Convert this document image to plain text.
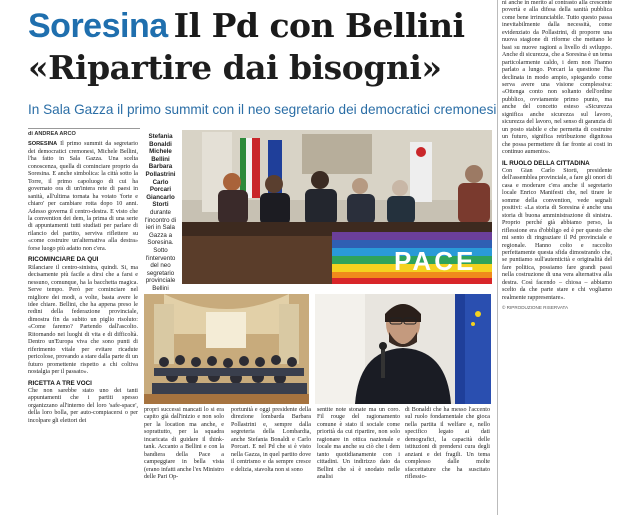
Soresina Il Pd con Bellini
«Ripartire dai bisogni»
In Sala Gazza il primo summit con il neo segretario dei democratici cremonesi
di ANDREA ARCO

SORESINA Il primo summit da segretario dei democratici cremonesi, Michele Bellini, l'ha fatto in Sala Gazza. Una scelta conoscenza, quella di cominciare proprio da Soresina. E anche simbolica: la città sotto la Torre, il primo capoluogo di cui ha governato ora di un'intera rete di paesi in sanità, all'ultima tornata ha votato 'forte e chiaro' per cambiare rotta dopo 10 anni. Adesso governa il centro-destra. E visto che la convention dei dem, la prima di una serie di appuntamenti tutti studiati per parlare di rilancio del partito, serviva riflettere su «come costruire un'alternativa alla destra» forse luogo più adatto non c'era.

RICOMINCIARE DA QUI

Rilanciare il centro-sinistra, quindi. Si, ma decisamente più facile a dirsi che a farsi e nessuno, comunque, ha la bacchetta magica. Serve tempo. Però per cominciare nel migliore dei modi, a volte, basta avere le idee chiare. Bellini, che ha appena preso le redini della federazione provinciale, dimostra fin da subito un piglio risoluto: «Come faremo? Partendo dall'ascolto. Ritornando nei luoghi di vita e di difficoltà. Dentro un'Europa viva che sono punti di riferimento vitale per evitare ricadute pericolose, provando a stare dalla parte di un futuro promettente rispetto a chi coltiva nostalgia per il passato».

RICETTA A TRE VOCI

Che non sarebbe stato uno dei tanti appuntamenti che i partiti spesso organizzano all'interno del loro 'safe-space', della loro bolla, per auto-compiacersi o per incolpare gli elettori dei

Stefania Bonaldi Michele Bellini Barbara Pollastrini Carlo Porcari Giancarlo Storti durante l'incontro di ieri in Sala Gazza a Soresina. Sotto l'intervento del neo segretario provinciale Bellini
PACE

propri successi mancati lo si era capito già dall'inizio e non solo per la location ma anche, e soprattutto, per la squadra incaricata di guidare il think-tank. Accanto a Bellini e con la bandiera della Pace a campeggiare in bella vista (erano infatti anche l'ex Ministro delle Pari Op-

portunità e oggi presidente della direzione lombarda Barbara Pollastrini e, sempre dalla segreteria della Lombardia, anche Stefania Bonaldi e Carlo Porcari. E nel Pd che si è visto nella Gazza, in quel partito dove il centrismo e da sempre cresce e delizia, stavolta non si sono

sentite note stonate ma un coro. Fil rouge del ragionamento comune è stato il sociale come priorità da cui ripartire, non solo ragionare in ottica nazionale e locale ma anche su ciò che i dem tanto quotidianamente con i cittadini. Un indirizzo dato da Bellini che sì è snodato nelle analisi

di Bonaldi che ha messo l'accento sul ruolo fondamentale che gioca nella partita il welfare e, nello specifico legato ai dati demografici, la capacità delle istituzioni di prendersi cura degli anziani e dei fragili. Un tema complesso dalle molte sfaccettature che ha suscitato riflessio-

ni anche in merito al contrasto alla crescente povertà e alla difesa della sanità pubblica come bene irrinunciabile. Tutto questo passa inevitabilmente dalla necessità, come evidenziato da Pollastrini, di proporre una nuova stagione di riforme che mettano le basi su nuove ragioni a livello di sviluppo. Anche di sicurezza, che a Soresina è un tema particolarmente caldo, i dem non l'hanno parlato a lungo. Porcari la questione l'ha declinata in modo ampio, spiegando come serva avere una visione complessiva: «Ottenga conto non soltanto dell'ordine pubblico, ovviamente primo punto, ma anche del concetto esteso «Sicurezza significa anche sicurezza sul lavoro, sicurezza del lavoro, nel senso di garanzia di un posto stabile e che permetta di costruire un futuro, significa retribuzione dignitosa che possa permettere di far fronte ai costi in continuo aumento».

IL RUOLO DELLA CITTADINA

Con Gian Carlo Storti, presidente dell'assemblea provinciale, a fare gli onori di casa e moderare c'era anche il segretario locale Enrico Manifesti che, nel tirare le somme della convention, vede segnali positivi: «La storia di Soresina è anche una storia di buona amministrazione di sinistra. Proprio perché già abbiamo perso, la riflessione era d'obbligo ed è per questo che mi sento di ringraziare il Pd provinciale e regionale. Hanno colto e raccolto perfettamente questa sfida dimostrando che, se puntiamo sull'autenticità e originalità del fare politica, possiamo fare grandi passi nella costruzione di una vera alternativa alla destra. Così facendo – chiosa – abbiamo scelto da che parte stare e chi vogliamo realmente rappresentare».

© RIPRODUZIONE RISERVATA
